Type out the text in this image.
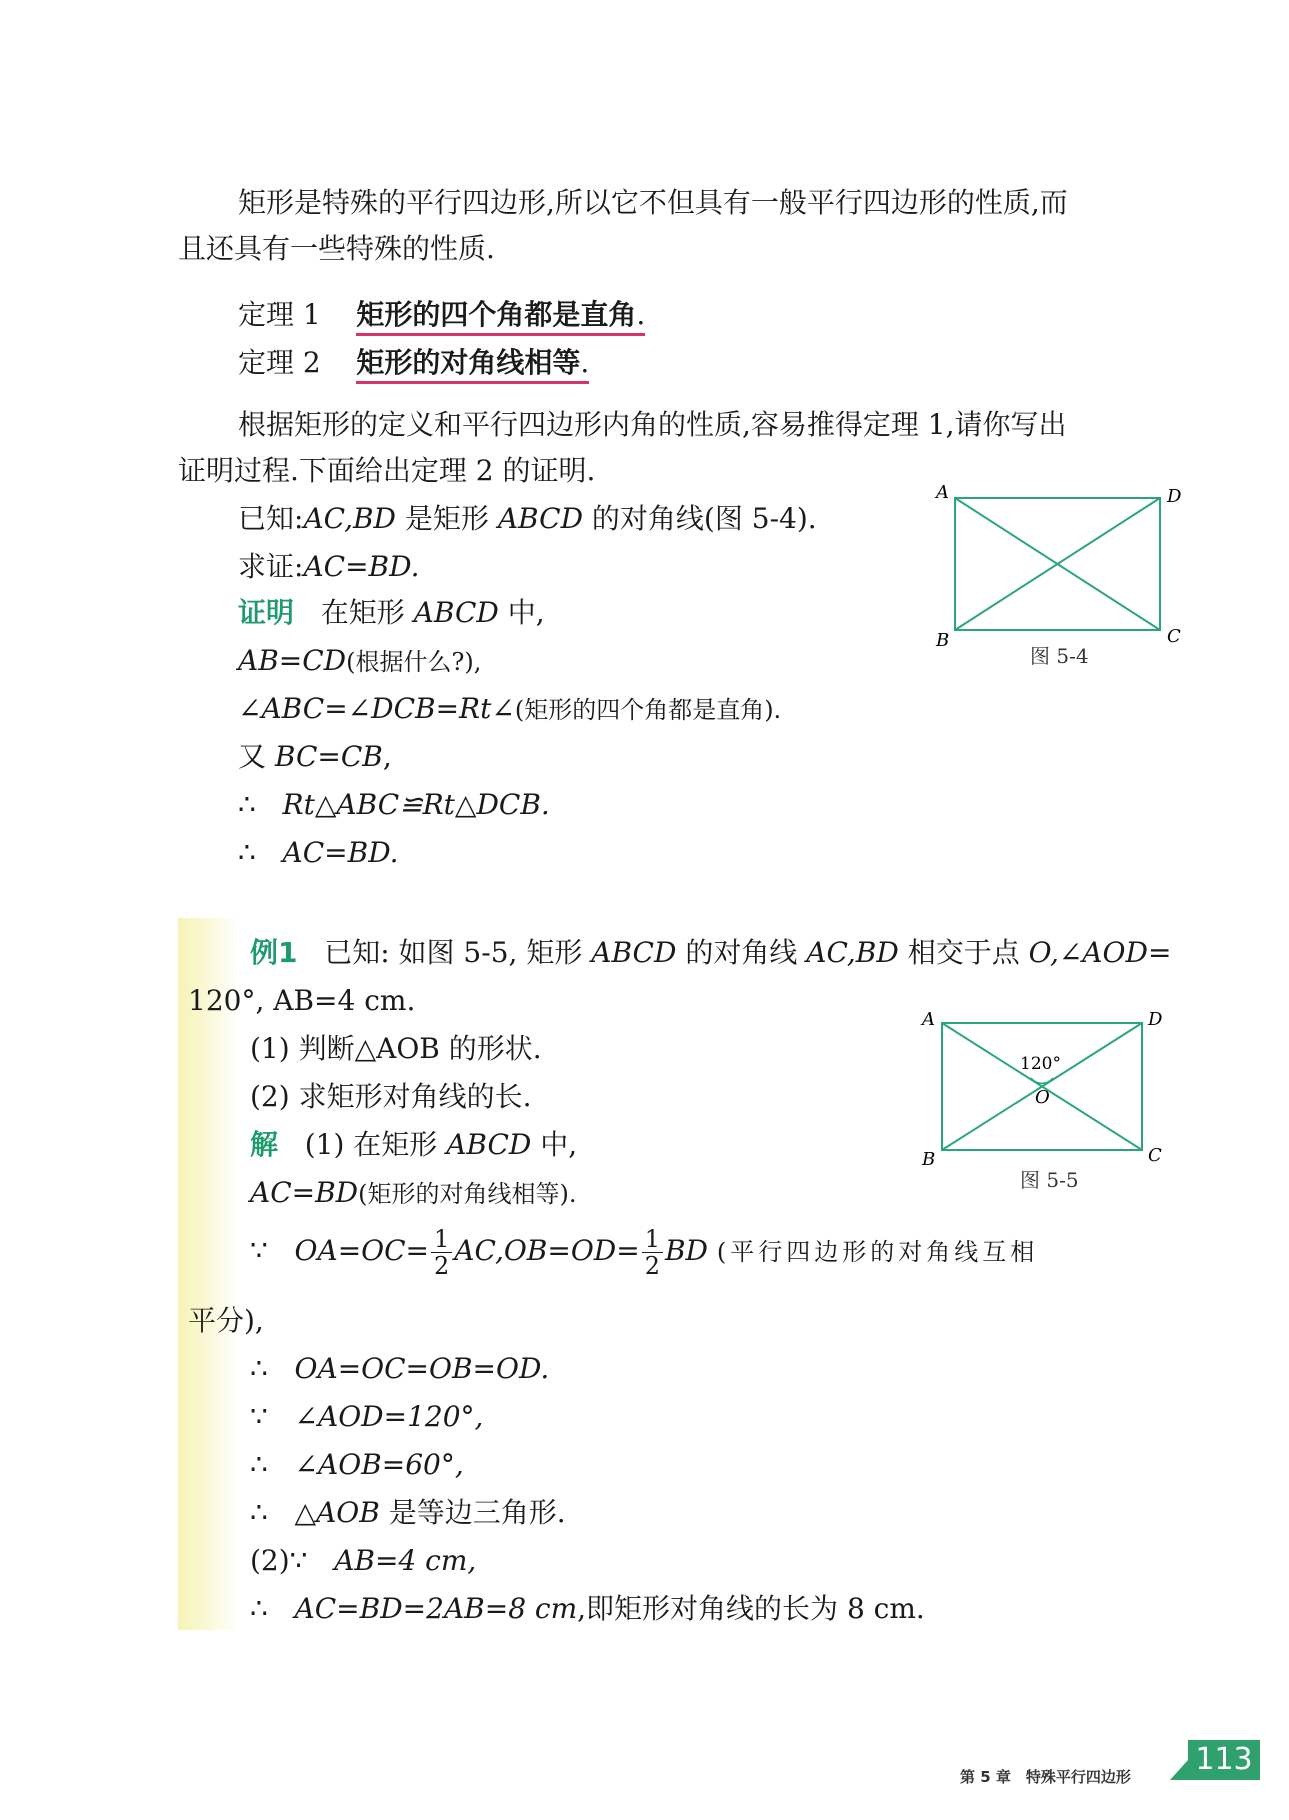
矩形是特殊的平行四边形,所以它不但具有一般平行四边形的性质,而
且还具有一些特殊的性质.
定理 1 矩形的四个角都是直角.
定理 2 矩形的对角线相等.
根据矩形的定义和平行四边形内角的性质,容易推得定理 1,请你写出
证明过程.下面给出定理 2 的证明.
已知:AC,BD 是矩形 ABCD 的对角线(图 5-4).
求证:AC=BD.
证明 在矩形 ABCD 中,
AB=CD(根据什么?),
∠ABC=∠DCB=Rt∠(矩形的四个角都是直角).
又 BC=CB,
∴ Rt△ABC≌Rt△DCB.
∴ AC=BD.
A
B	C
D
图 5-4
例1 已知: 如图 5-5, 矩形 ABCD 的对角线 AC,BD 相交于点 O,∠AOD=
120°, AB=4 cm.
(1) 判断△AOB 的形状.
(2) 求矩形对角线的长.
解 (1) 在矩形 ABCD 中,
AC=BD(矩形的对角线相等).
∵ $OA=OC= \frac{1}{2} AC,OB=OD= \frac{1}{2}$ BD (平行四边形的对角线互相
平分),
∴ OA=OC=OB=OD.
∵ ∠AOD=120°,
∴ ∠AOB=60°,
∴ △AOB 是等边三角形.
(2)∵ AB=4 cm,
∴ AC=BD=2AB=8 cm,即矩形对角线的长为 8 cm.
120°
O
A
B	C
D
图 5-5
第 5 章　特殊平行四边形 113
